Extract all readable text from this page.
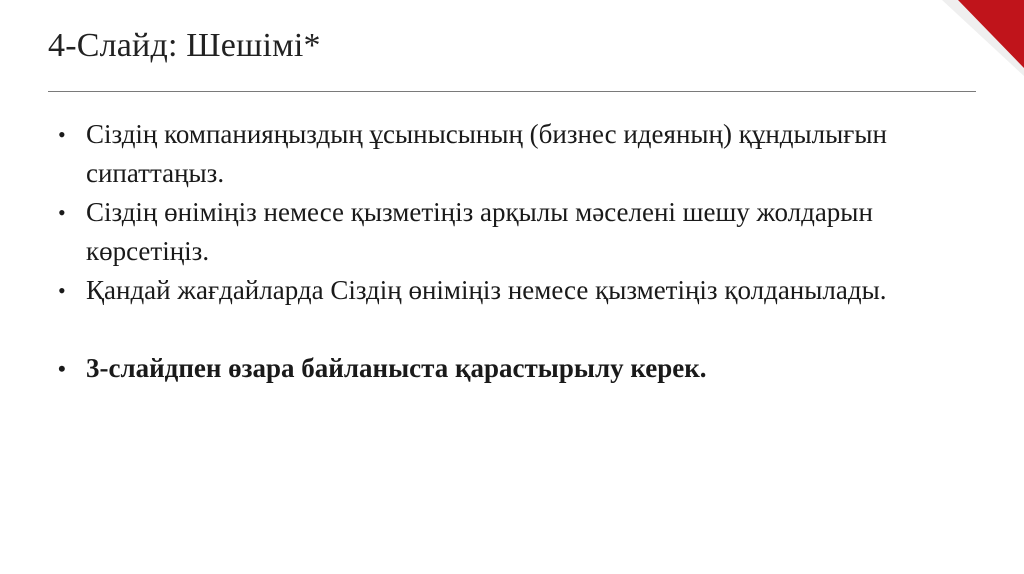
4-Слайд: Шешімі*
• Сіздің компанияңыздың ұсынысының (бизнес идеяның) құндылығын сипаттаңыз.
• Сіздің өніміңіз немесе қызметіңіз арқылы мәселені шешу жолдарын көрсетіңіз.
• Қандай жағдайларда Сіздің өніміңіз немесе қызметіңіз қолданылады.
• 3-слайдпен өзара байланыста қарастырылу керек.
